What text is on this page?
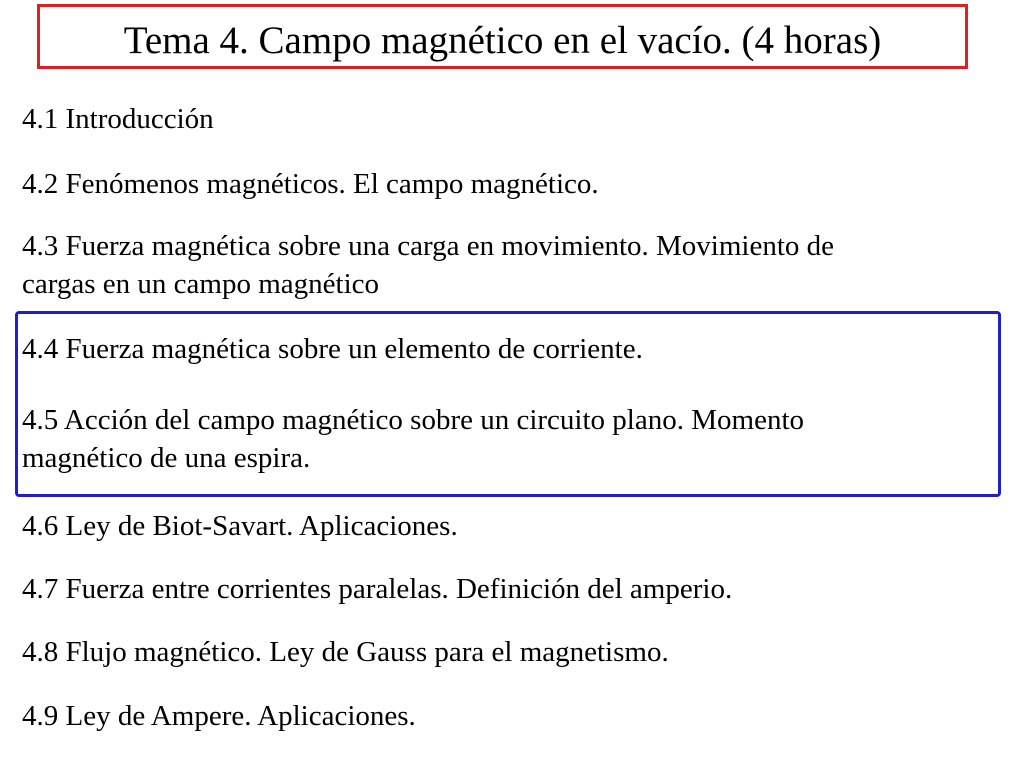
Tema 4. Campo magnético en el vacío. (4 horas)
4.1 Introducción
4.2 Fenómenos magnéticos. El campo magnético.
4.3 Fuerza magnética sobre una carga en movimiento. Movimiento de
cargas en un campo magnético
4.4 Fuerza magnética sobre un elemento de corriente.
4.5 Acción del campo magnético sobre un circuito plano. Momento
magnético de una espira.
4.6 Ley de Biot-Savart. Aplicaciones.
4.7 Fuerza entre corrientes paralelas. Definición del amperio.
4.8 Flujo magnético. Ley de Gauss para el magnetismo.
4.9 Ley de Ampere. Aplicaciones.
